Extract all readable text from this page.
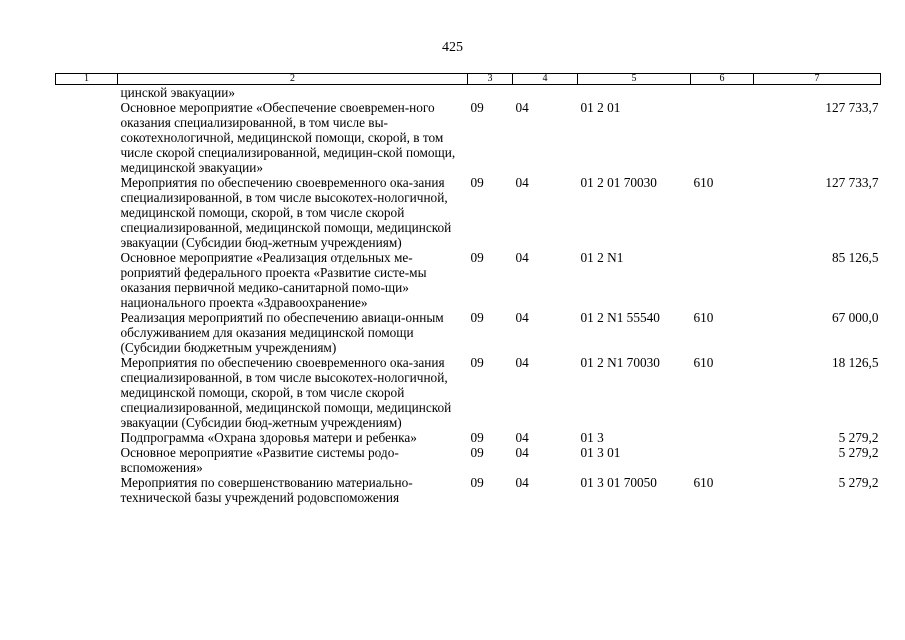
425
1	2	3	4	5	6	7
	цинской эвакуации»					
	Основное мероприятие «Обеспечение своевремен-ного оказания специализированной, в том числе вы-сокотехнологичной, медицинской помощи, скорой, в том числе скорой специализированной, медицин-ской помощи, медицинской эвакуации»	09	04	01 2 01		127 733,7
	Мероприятия по обеспечению своевременного ока-зания специализированной, в том числе высокотех-нологичной, медицинской помощи, скорой, в том числе скорой специализированной, медицинской помощи, медицинской эвакуации (Субсидии бюд-жетным учреждениям)	09	04	01 2 01 70030	610	127 733,7
	Основное мероприятие «Реализация отдельных ме-роприятий федерального проекта «Развитие систе-мы оказания первичной медико-санитарной помо-щи» национального проекта «Здравоохранение»	09	04	01 2 N1		85 126,5
	Реализация мероприятий по обеспечению авиаци-онным обслуживанием для оказания медицинской помощи (Субсидии бюджетным учреждениям)	09	04	01 2 N1 55540	610	67 000,0
	Мероприятия по обеспечению своевременного ока-зания специализированной, в том числе высокотех-нологичной, медицинской помощи, скорой, в том числе скорой специализированной, медицинской помощи, медицинской эвакуации (Субсидии бюд-жетным учреждениям)	09	04	01 2 N1 70030	610	18 126,5
	Подпрограмма «Охрана здоровья матери и ребенка»	09	04	01 3		5 279,2
	Основное мероприятие «Развитие системы родо-вспоможения»	09	04	01 3 01		5 279,2
	Мероприятия по совершенствованию материально-технической базы учреждений родовспоможения	09	04	01 3 01 70050	610	5 279,2
